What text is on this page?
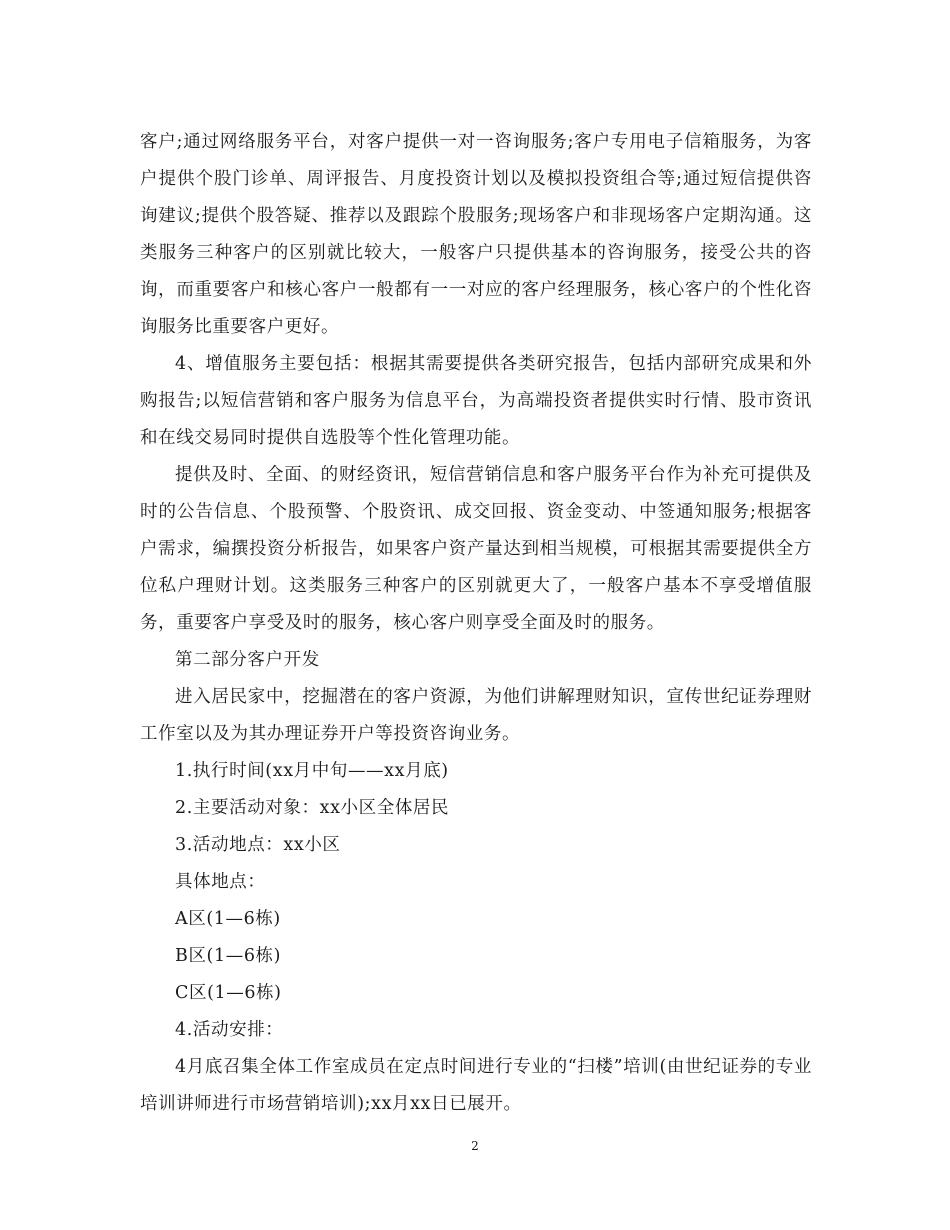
客户;通过网络服务平台，对客户提供一对一咨询服务;客户专用电子信箱服务，为客户提供个股门诊单、周评报告、月度投资计划以及模拟投资组合等;通过短信提供咨询建议;提供个股答疑、推荐以及跟踪个股服务;现场客户和非现场客户定期沟通。这类服务三种客户的区别就比较大，一般客户只提供基本的咨询服务，接受公共的咨询，而重要客户和核心客户一般都有一一对应的客户经理服务，核心客户的个性化咨询服务比重要客户更好。

4、增值服务主要包括：根据其需要提供各类研究报告，包括内部研究成果和外购报告;以短信营销和客户服务为信息平台，为高端投资者提供实时行情、股市资讯和在线交易同时提供自选股等个性化管理功能。

提供及时、全面、的财经资讯，短信营销信息和客户服务平台作为补充可提供及时的公告信息、个股预警、个股资讯、成交回报、资金变动、中签通知服务;根据客户需求，编撰投资分析报告，如果客户资产量达到相当规模，可根据其需要提供全方位私户理财计划。这类服务三种客户的区别就更大了，一般客户基本不享受增值服务，重要客户享受及时的服务，核心客户则享受全面及时的服务。

第二部分客户开发

进入居民家中，挖掘潜在的客户资源，为他们讲解理财知识，宣传世纪证券理财工作室以及为其办理证券开户等投资咨询业务。

1.执行时间(xx月中旬——xx月底)

2.主要活动对象：xx小区全体居民

3.活动地点：xx小区

具体地点：

A区(1—6栋)

B区(1—6栋)

C区(1—6栋)

4.活动安排：

4月底召集全体工作室成员在定点时间进行专业的“扫楼”培训(由世纪证券的专业培训讲师进行市场营销培训);xx月xx日已展开。

2
